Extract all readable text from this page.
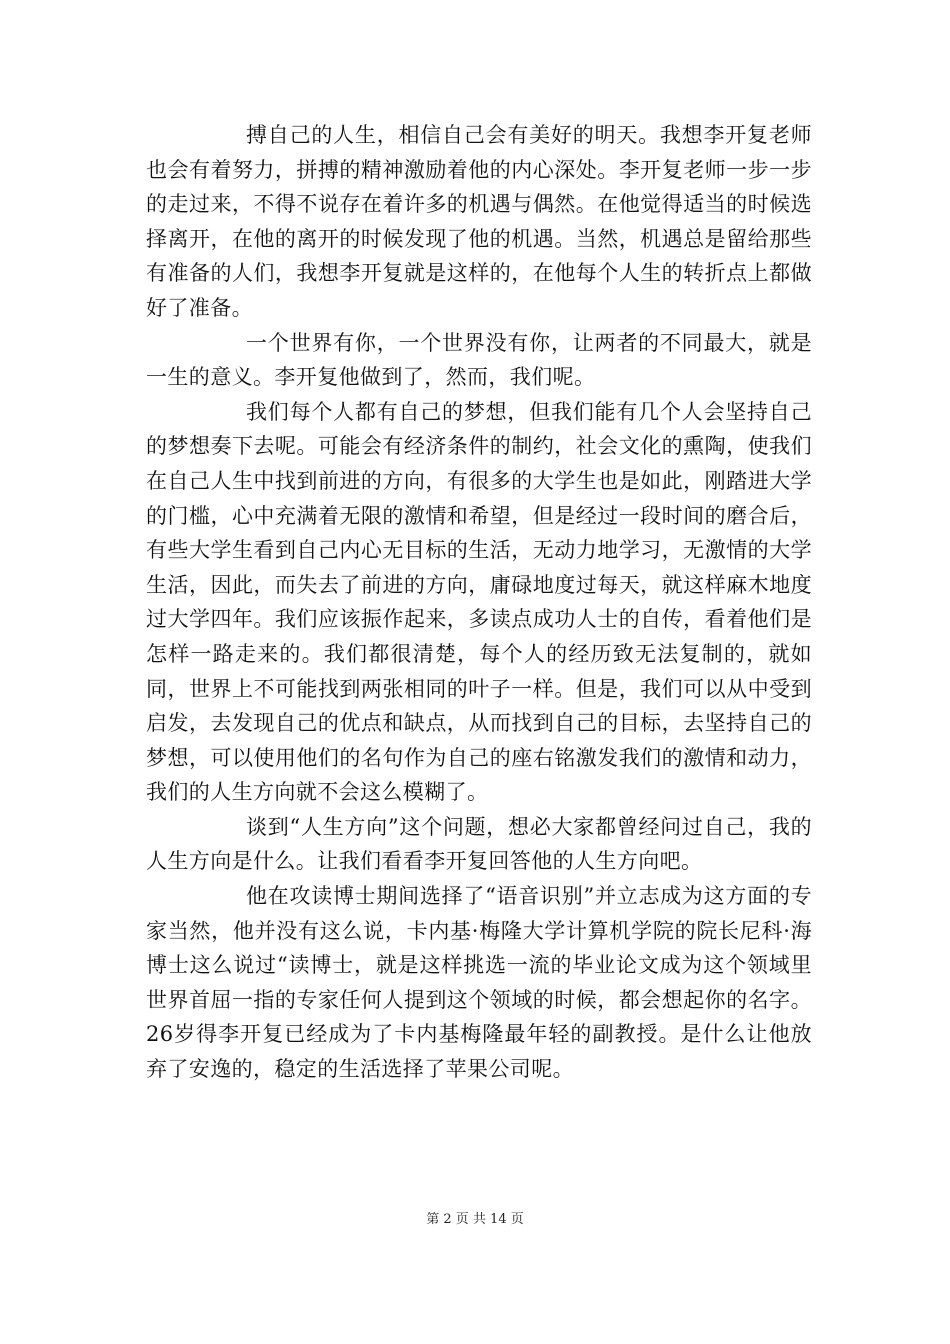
搏自己的人生，相信自己会有美好的明天。我想李开复老师也会有着努力，拼搏的精神激励着他的内心深处。李开复老师一步一步的走过来，不得不说存在着许多的机遇与偶然。在他觉得适当的时候选择离开，在他的离开的时候发现了他的机遇。当然，机遇总是留给那些有准备的人们，我想李开复就是这样的，在他每个人生的转折点上都做好了准备。

一个世界有你，一个世界没有你，让两者的不同最大，就是一生的意义。李开复他做到了，然而，我们呢。

我们每个人都有自己的梦想，但我们能有几个人会坚持自己的梦想奏下去呢。可能会有经济条件的制约，社会文化的熏陶，使我们在自己人生中找到前进的方向，有很多的大学生也是如此，刚踏进大学的门槛，心中充满着无限的激情和希望，但是经过一段时间的磨合后，有些大学生看到自己内心无目标的生活，无动力地学习，无激情的大学生活，因此，而失去了前进的方向，庸碌地度过每天，就这样麻木地度过大学四年。我们应该振作起来，多读点成功人士的自传，看着他们是怎样一路走来的。我们都很清楚，每个人的经历致无法复制的，就如同，世界上不可能找到两张相同的叶子一样。但是，我们可以从中受到启发，去发现自己的优点和缺点，从而找到自己的目标，去坚持自己的梦想，可以使用他们的名句作为自己的座右铭激发我们的激情和动力，我们的人生方向就不会这么模糊了。

谈到“人生方向”这个问题，想必大家都曾经问过自己，我的人生方向是什么。让我们看看李开复回答他的人生方向吧。

他在攻读博士期间选择了“语音识别”并立志成为这方面的专家当然，他并没有这么说，卡内基·梅隆大学计算机学院的院长尼科·海博士这么说过“读博士，就是这样挑选一流的毕业论文成为这个领域里世界首屈一指的专家任何人提到这个领域的时候，都会想起你的名字。26岁得李开复已经成为了卡内基梅隆最年轻的副教授。是什么让他放弃了安逸的，稳定的生活选择了苹果公司呢。

第 2 页 共 14 页
